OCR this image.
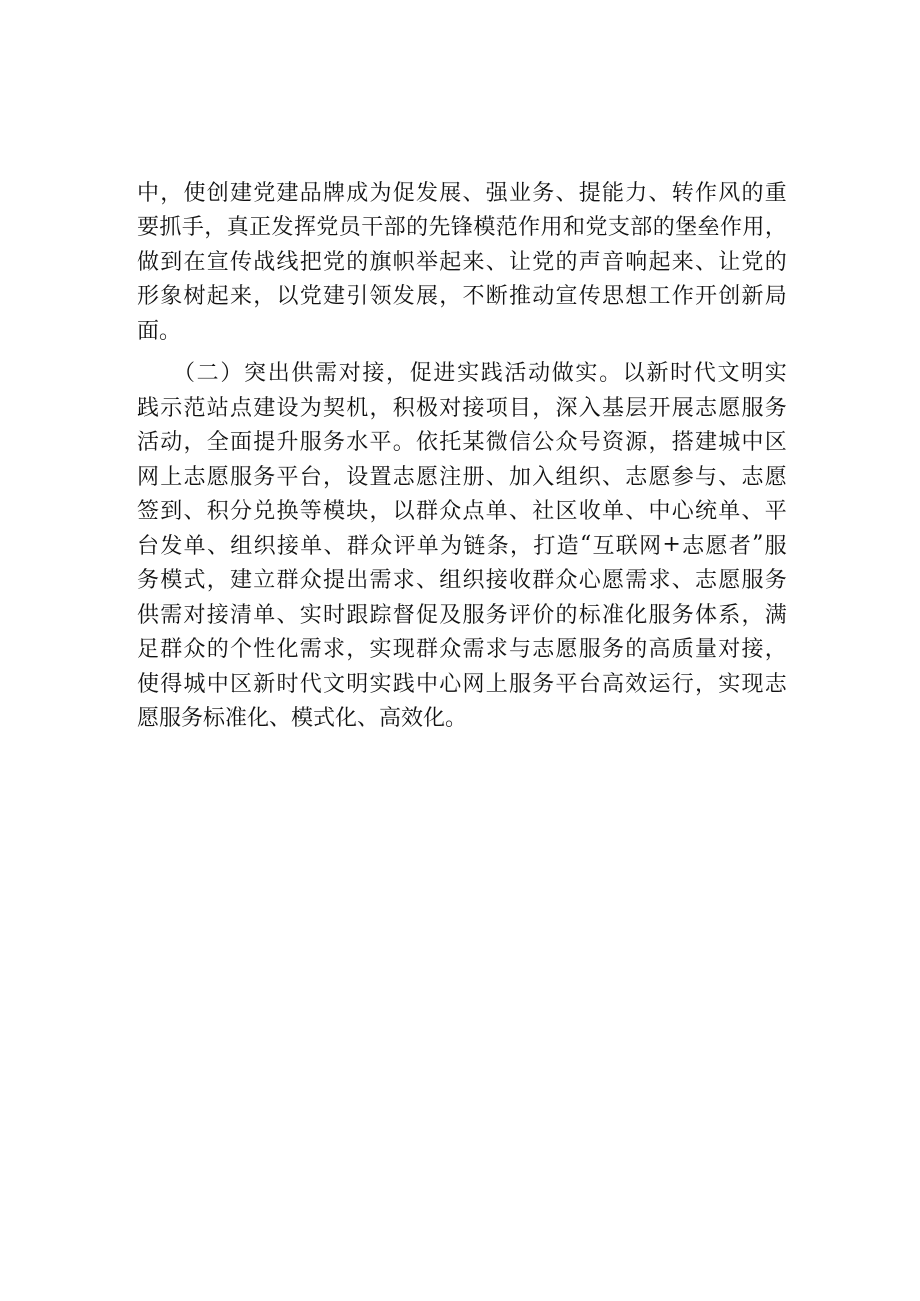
中 ， 使 创 建 党 建 品 牌 成 为 促 发 展 、 强 业 务 、 提 能 力 、 转 作 风 的 重
要 抓 手 ， 真 正 发 挥 党 员 干 部 的 先 锋 模 范 作 用 和 党 支 部 的 堡 垒 作 用 ，
做 到 在 宣 传 战 线 把 党 的 旗 帜 举 起 来 、 让 党 的 声 音 响 起 来 、 让 党 的
形 象 树 起 来 ， 以 党 建 引 领 发 展 ， 不 断 推 动 宣 传 思 想 工 作 开 创 新 局
面。
（ 二 ） 突 出 供 需 对 接 ， 促 进 实 践 活 动 做 实 。 以 新 时 代 文 明 实
践 示 范 站 点 建 设 为 契 机 ， 积 极 对 接 项 目 ， 深 入 基 层 开 展 志 愿 服 务
活 动 ， 全 面 提 升 服 务 水 平 。 依 托 某 微 信 公 众 号 资 源 ， 搭 建 城 中 区
网 上 志 愿 服 务 平 台 ， 设 置 志 愿 注 册 、 加 入 组 织 、 志 愿 参 与 、 志 愿
签 到 、 积 分 兑 换 等 模 块 ， 以 群 众 点 单 、 社 区 收 单 、 中 心 统 单 、 平
台 发 单 、 组 织 接 单 、 群 众 评 单 为 链 条 ， 打 造 “ 互 联 网 + 志 愿 者 ” 服
务 模 式 ， 建 立 群 众 提 出 需 求 、 组 织 接 收 群 众 心 愿 需 求 、 志 愿 服 务
供 需 对 接 清 单 、 实 时 跟 踪 督 促 及 服 务 评 价 的 标 准 化 服 务 体 系 ， 满
足 群 众 的 个 性 化 需 求 ， 实 现 群 众 需 求 与 志 愿 服 务 的 高 质 量 对 接 ，
使 得 城 中 区 新 时 代 文 明 实 践 中 心 网 上 服 务 平 台 高 效 运 行 ， 实 现 志
愿服务标准化、模式化、高效化。
